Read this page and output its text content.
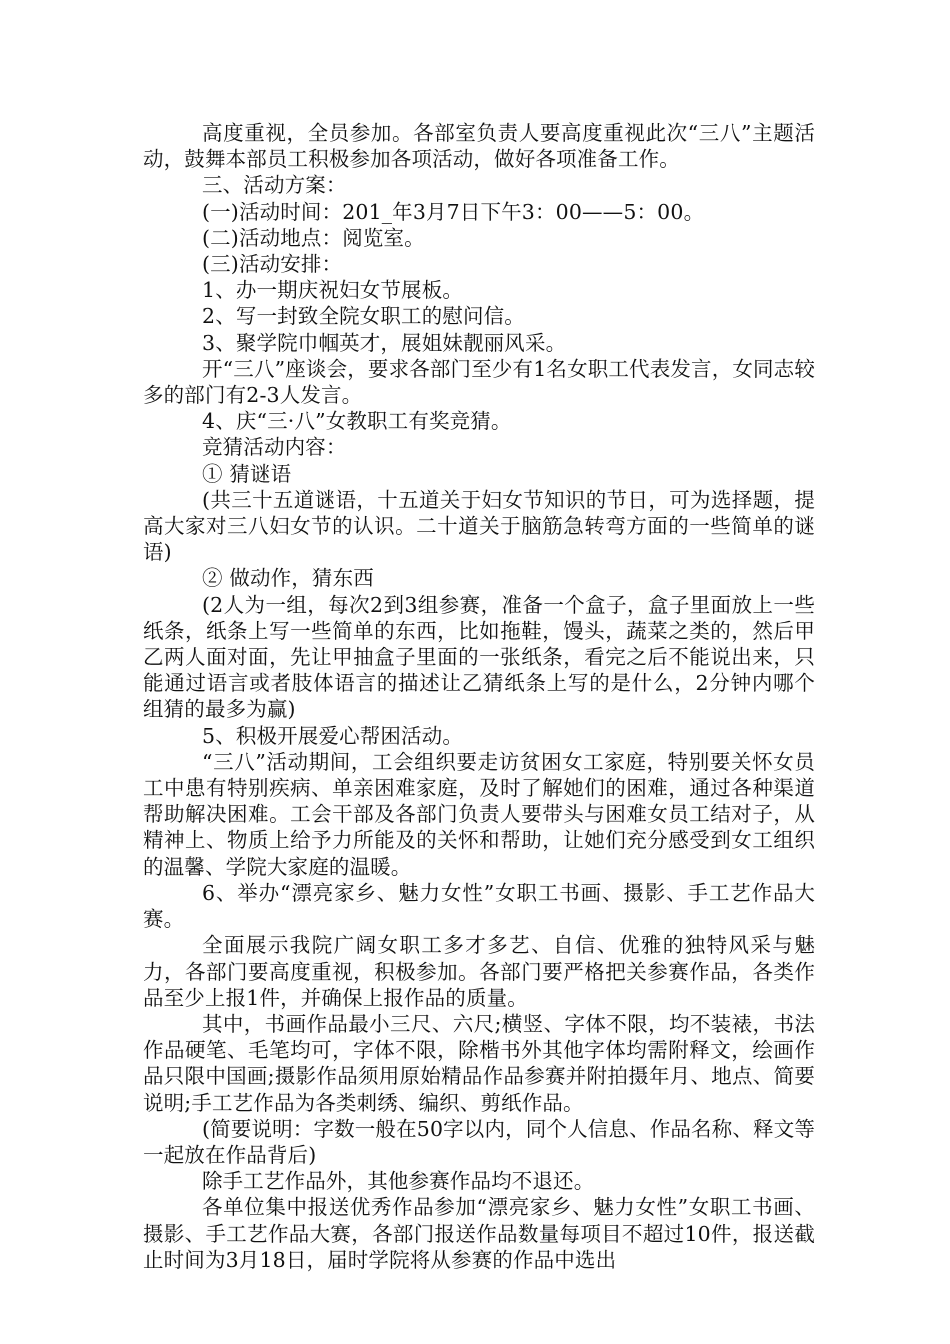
高度重视，全员参加。各部室负责人要高度重视此次“三八”主题活动，鼓舞本部员工积极参加各项活动，做好各项准备工作。

三、活动方案：

(一)活动时间：201_年3月7日下午3：00——5：00。

(二)活动地点：阅览室。

(三)活动安排：

1、办一期庆祝妇女节展板。

2、写一封致全院女职工的慰问信。

3、聚学院巾帼英才，展姐妹靓丽风采。

开“三八”座谈会，要求各部门至少有1名女职工代表发言，女同志较多的部门有2-3人发言。

4、庆“三·八”女教职工有奖竞猜。

竞猜活动内容：

① 猜谜语

(共三十五道谜语，十五道关于妇女节知识的节日，可为选择题，提高大家对三八妇女节的认识。二十道关于脑筋急转弯方面的一些简单的谜语)

② 做动作，猜东西

(2人为一组，每次2到3组参赛，准备一个盒子，盒子里面放上一些纸条，纸条上写一些简单的东西，比如拖鞋，馒头，蔬菜之类的，然后甲乙两人面对面，先让甲抽盒子里面的一张纸条，看完之后不能说出来，只能通过语言或者肢体语言的描述让乙猜纸条上写的是什么，2分钟内哪个组猜的最多为赢)

5、积极开展爱心帮困活动。

“三八”活动期间，工会组织要走访贫困女工家庭，特别要关怀女员工中患有特别疾病、单亲困难家庭，及时了解她们的困难，通过各种渠道帮助解决困难。工会干部及各部门负责人要带头与困难女员工结对子，从精神上、物质上给予力所能及的关怀和帮助，让她们充分感受到女工组织的温馨、学院大家庭的温暖。

6、举办“漂亮家乡、魅力女性”女职工书画、摄影、手工艺作品大赛。

全面展示我院广阔女职工多才多艺、自信、优雅的独特风采与魅力，各部门要高度重视，积极参加。各部门要严格把关参赛作品，各类作品至少上报1件，并确保上报作品的质量。

其中，书画作品最小三尺、六尺;横竖、字体不限，均不装裱，书法作品硬笔、毛笔均可，字体不限，除楷书外其他字体均需附释文，绘画作品只限中国画;摄影作品须用原始精品作品参赛并附拍摄年月、地点、简要说明;手工艺作品为各类刺绣、编织、剪纸作品。

(简要说明：字数一般在50字以内，同个人信息、作品名称、释文等一起放在作品背后)

除手工艺作品外，其他参赛作品均不退还。

各单位集中报送优秀作品参加“漂亮家乡、魅力女性”女职工书画、摄影、手工艺作品大赛，各部门报送作品数量每项目不超过10件，报送截止时间为3月18日，届时学院将从参赛的作品中选出
